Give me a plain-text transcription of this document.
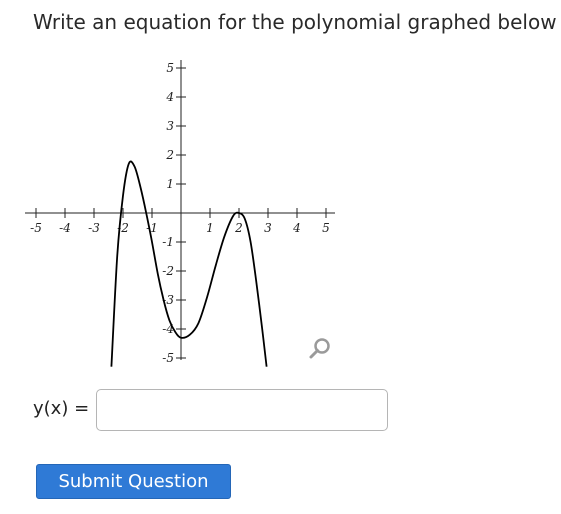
Write an equation for the polynomial graphed below
-5 -4 -3 -2 -1	1 2 3 4 5
5
4
3
2
1
-1
-2
-3
-4
-5
y(x) =
Submit Question
